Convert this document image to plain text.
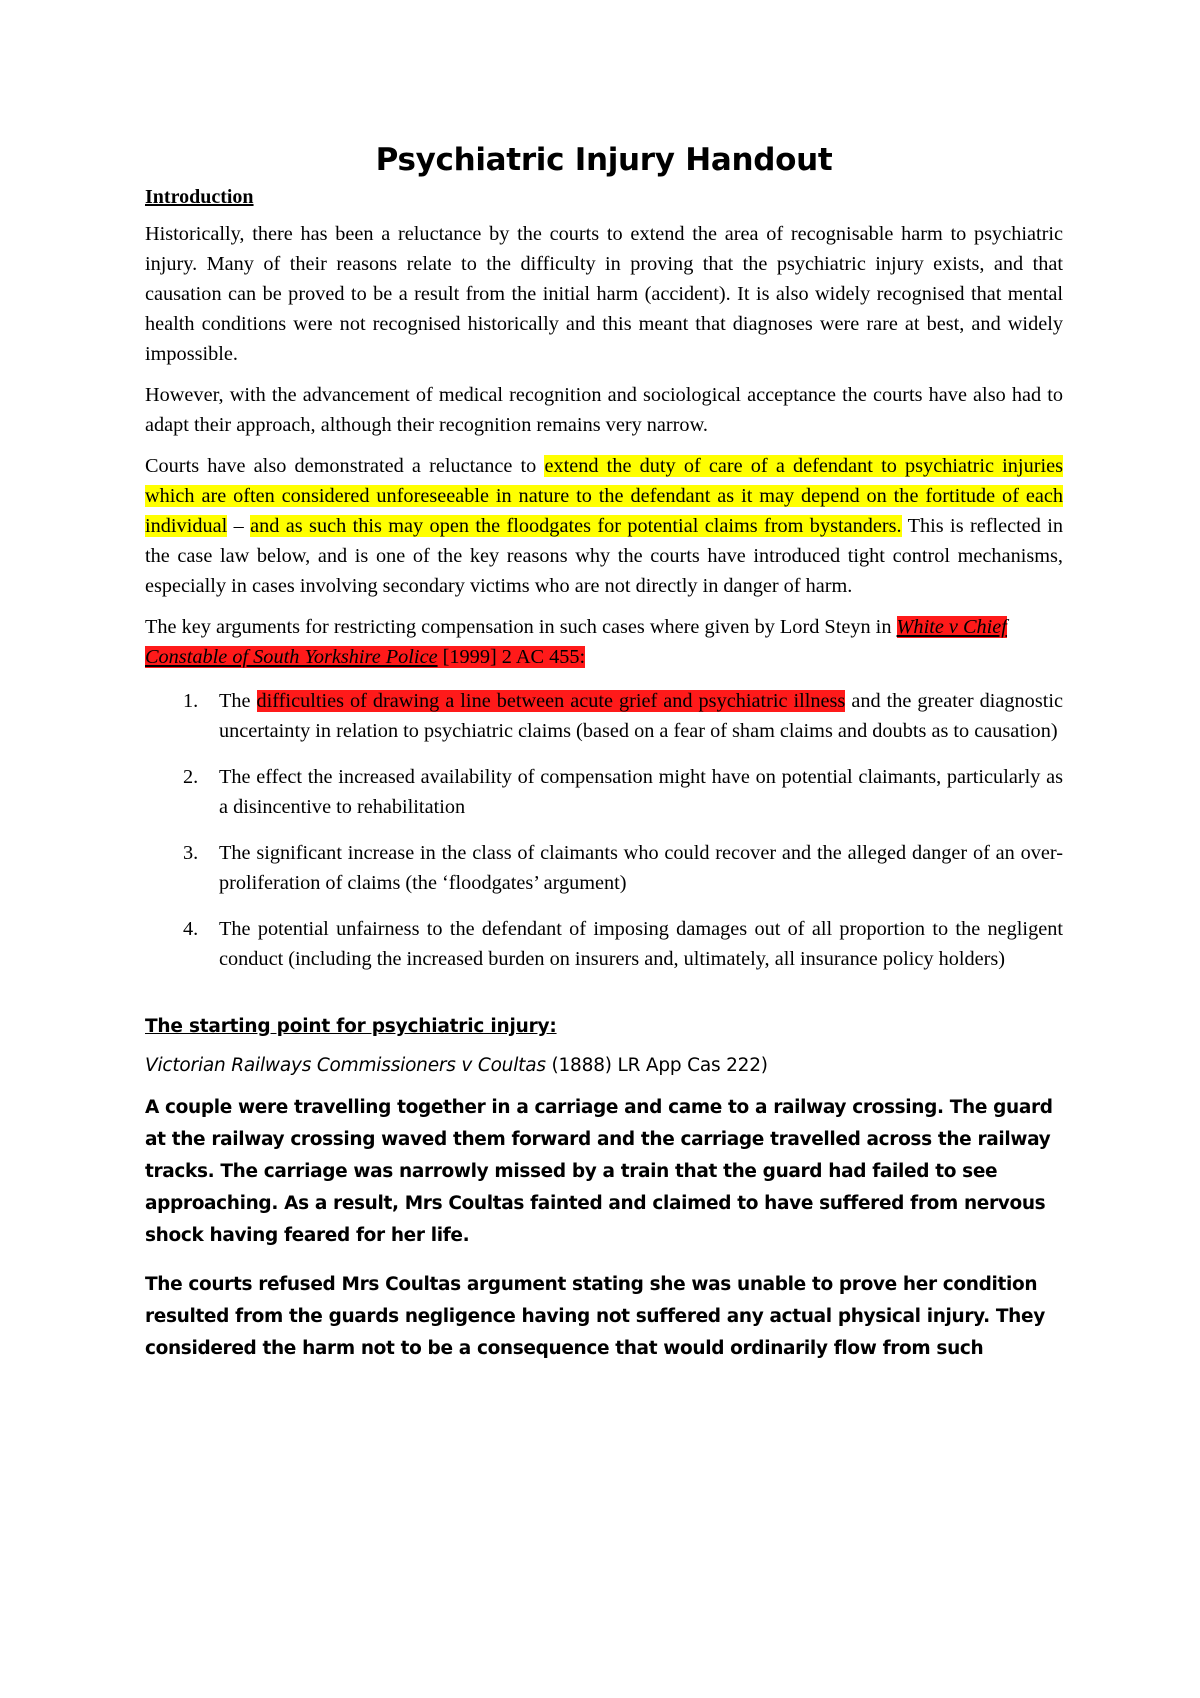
Psychiatric Injury Handout
Introduction

Historically, there has been a reluctance by the courts to extend the area of recognisable harm to psychiatric injury. Many of their reasons relate to the difficulty in proving that the psychiatric injury exists, and that causation can be proved to be a result from the initial harm (accident). It is also widely recognised that mental health conditions were not recognised historically and this meant that diagnoses were rare at best, and widely impossible.

However, with the advancement of medical recognition and sociological acceptance the courts have also had to adapt their approach, although their recognition remains very narrow.

Courts have also demonstrated a reluctance to extend the duty of care of a defendant to psychiatric injuries which are often considered unforeseeable in nature to the defendant as it may depend on the fortitude of each individual – and as such this may open the floodgates for potential claims from bystanders. This is reflected in the case law below, and is one of the key reasons why the courts have introduced tight control mechanisms, especially in cases involving secondary victims who are not directly in danger of harm.

The key arguments for restricting compensation in such cases where given by Lord Steyn in White v Chief Constable of South Yorkshire Police [1999] 2 AC 455:

1. The difficulties of drawing a line between acute grief and psychiatric illness and the greater diagnostic uncertainty in relation to psychiatric claims (based on a fear of sham claims and doubts as to causation)
2. The effect the increased availability of compensation might have on potential claimants, particularly as a disincentive to rehabilitation
3. The significant increase in the class of claimants who could recover and the alleged danger of an over-proliferation of claims (the ‘floodgates’ argument)
4. The potential unfairness to the defendant of imposing damages out of all proportion to the negligent conduct (including the increased burden on insurers and, ultimately, all insurance policy holders)
The starting point for psychiatric injury:
Victorian Railways Commissioners v Coultas (1888) LR App Cas 222)

A couple were travelling together in a carriage and came to a railway crossing. The guard at the railway crossing waved them forward and the carriage travelled across the railway tracks. The carriage was narrowly missed by a train that the guard had failed to see approaching. As a result, Mrs Coultas fainted and claimed to have suffered from nervous shock having feared for her life.

The courts refused Mrs Coultas argument stating she was unable to prove her condition resulted from the guards negligence having not suffered any actual physical injury. They considered the harm not to be a consequence that would ordinarily flow from such
